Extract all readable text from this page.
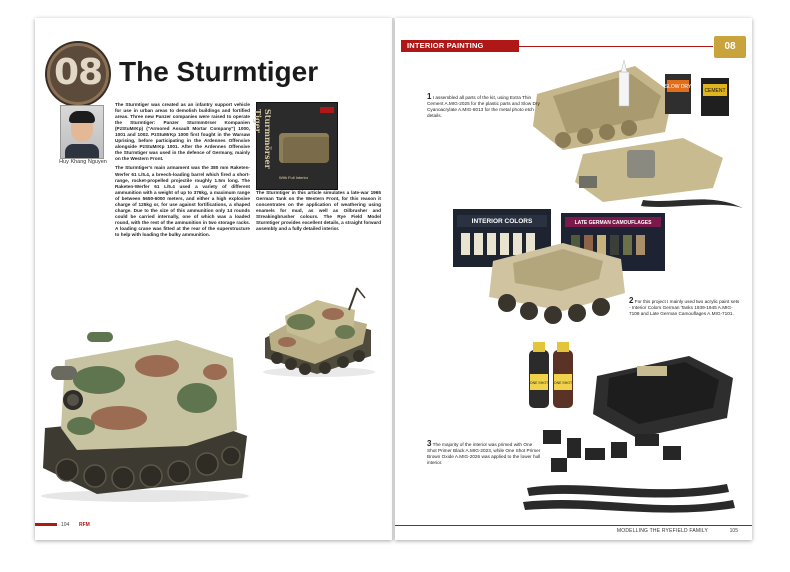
08 The Sturmtiger
Huy Khang Nguyen

The Sturmtiger was created as an infantry support vehicle for use in urban areas to demolish buildings and fortified areas. Three new Panzer companies were raised to operate the Sturmtiger: Panzer Sturmmörser Kompanien (PzStuMrKp) ("Armored Assault Mortar Company") 1000, 1001 and 1002. PzStuMrKp 1000 first fought in the Warsaw Uprising, before participating in the Ardennes Offensive alongside PzStuMrKp 1001. After the Ardennes Offensive the Sturmtiger was used in the defence of Germany, mainly on the Western Front.

The Sturmtiger's main armament was the 380 mm Raketen-Werfer 61 L/5.4, a breech-loading barrel which fired a short-range, rocket-propelled projectile roughly 1.5m long. The Raketen-Werfer 61 L/5.4 used a variety of different ammunition with a weight of up to 376kg, a maximum range of between 5650-6000 meters, and either a high explosive charge of 125kg or, for use against fortifications, a shaped charge. Due to the size of this ammunition only 14 rounds could be carried internally, one of which was a loaded round, with the rest of the ammunition in two storage racks. A loading crane was fitted at the rear of the superstructure to help with loading the bulky ammunition.

Sturmmörser Tiger
With Full Interior

The Sturmtiger in this article simulates a late-war 1965 German Tank on the Western Front, for this reason it concentrates on the application of weathering using enamels for mud, as well as Oilbrusher and Streakingbrusher colours. The Rye Field Model Sturmtiger provides excellent details, a straight forward assembly and a fully detailed interior.

104 RFM
INTERIOR PAINTING	08
SLOW DRY
CEMENT
1 I assembled all parts of the kit, using Extra Thin Cement A.MIG-2025 for the plastic parts and Slow Dry Cyanoacrylate A.MIG-8013 for the metal photo etch details.
INTERIOR COLORS	LATE GERMAN CAMOUFLAGES
2 For this project I mainly used two acrylic paint sets - Interior Colors German Tanks 1939-1945 A.MIG-7108 and Late German Camouflages A.MIG-7101.
ONE SHOT ONE SHOT
3 The majority of the interior was primed with One Shot Primer Black A.MIG-2023, while One Shot Primer Brown Oxide A.MIG-2026 was applied to the lower hull interior.
MODELLING THE RYEFIELD FAMILY	105
